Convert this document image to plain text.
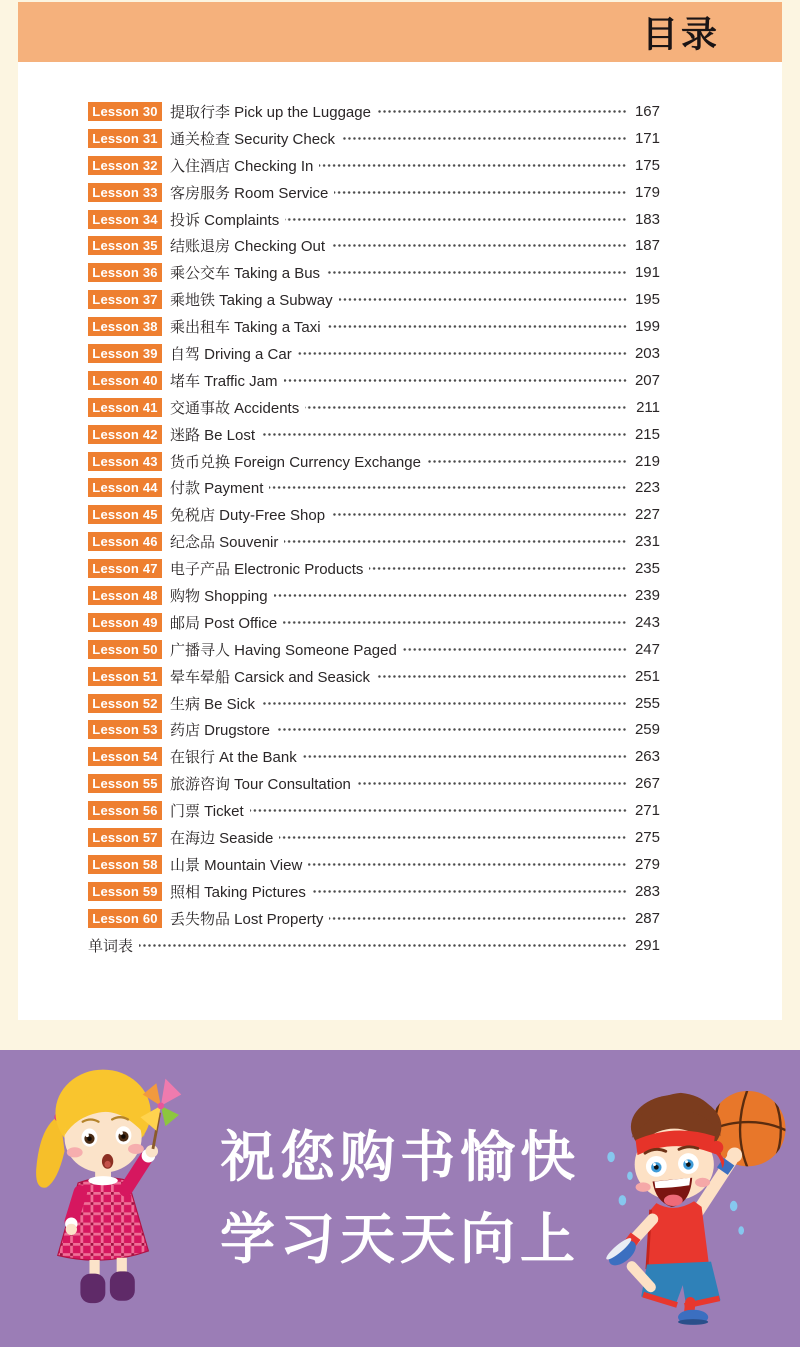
目录
Lesson 30 提取行李 Pick up the Luggage	167
Lesson 31 通关检查 Security Check	171
Lesson 32 入住酒店 Checking In	175
Lesson 33 客房服务 Room Service	179
Lesson 34 投诉 Complaints	183
Lesson 35 结账退房 Checking Out	187
Lesson 36 乘公交车 Taking a Bus	191
Lesson 37 乘地铁 Taking a Subway	195
Lesson 38 乘出租车 Taking a Taxi	199
Lesson 39 自驾 Driving a Car	203
Lesson 40 堵车 Traffic Jam	207
Lesson 41 交通事故 Accidents	211
Lesson 42 迷路 Be Lost	215
Lesson 43 货币兑换 Foreign Currency Exchange	219
Lesson 44 付款 Payment	223
Lesson 45 免税店 Duty-Free Shop	227
Lesson 46 纪念品 Souvenir	231
Lesson 47 电子产品 Electronic Products	235
Lesson 48 购物 Shopping	239
Lesson 49 邮局 Post Office	243
Lesson 50 广播寻人 Having Someone Paged	247
Lesson 51 晕车晕船 Carsick and Seasick	251
Lesson 52 生病 Be Sick	255
Lesson 53 药店 Drugstore	259
Lesson 54 在银行 At the Bank	263
Lesson 55 旅游咨询 Tour Consultation	267
Lesson 56 门票 Ticket	271
Lesson 57 在海边 Seaside	275
Lesson 58 山景 Mountain View	279
Lesson 59 照相 Taking Pictures	283
Lesson 60 丢失物品 Lost Property	287
单词表	291
祝您购书愉快
学习天天向上
